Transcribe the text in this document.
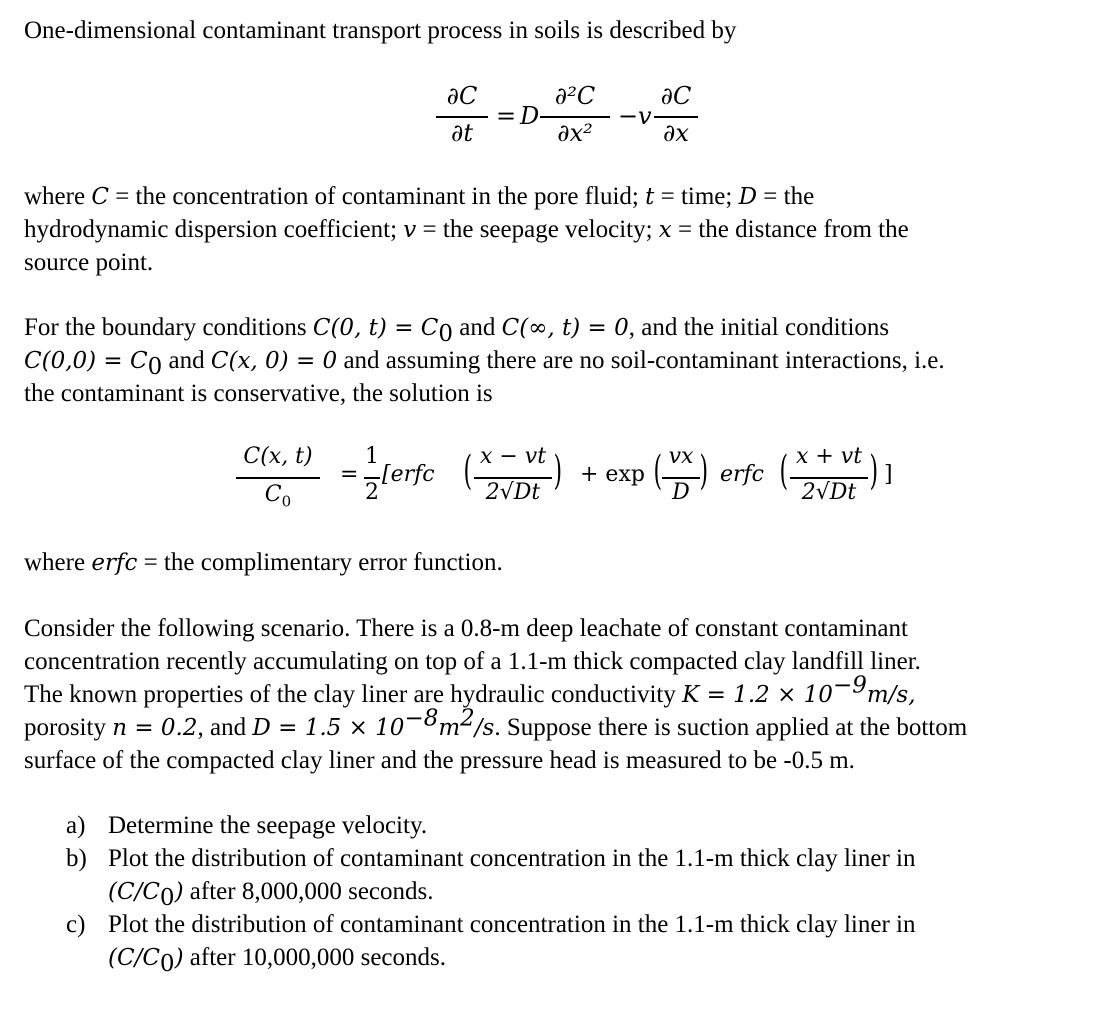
One-dimensional contaminant transport process in soils is described by
∂C
∂t
= D
∂²C
∂x²
− v
∂C
∂x
where C = the concentration of contaminant in the pore fluid; t = time; D = the
hydrodynamic dispersion coefficient; v = the seepage velocity; x = the distance from the
source point.
For the boundary conditions C(0, $t) = C_0$ and C(∞, t) = 0, and the initial conditions
$C(0,0) = C_0$ and C(x, 0) = 0 and assuming there are no soil-contaminant interactions, i.e.
the contaminant is conservative, the solution is
C(x, t)
$C_0$
=
1
2
[erfc ( x − vt
2√Dt ) + exp ( vx
D ) erfc ( x + vt
2√Dt ) ]
where erfc = the complimentary error function.
Consider the following scenario. There is a 0.8-m deep leachate of constant contaminant
concentration recently accumulating on top of a 1.1-m thick compacted clay landfill liner.
The known properties of the clay liner are hydraulic conductivity $K = 1.2 \times 10^{-9}m/s$,
porosity n = 0.2, and $D = 1.5 \times 10^{-8}m^2/s$. Suppose there is suction applied at the bottom
surface of the compacted clay liner and the pressure head is measured to be -0.5 m.
a) Determine the seepage velocity.
b) Plot the distribution of contaminant concentration in the 1.1-m thick clay liner in
$(C/C_0)$ after 8,000,000 seconds.
c) Plot the distribution of contaminant concentration in the 1.1-m thick clay liner in
$(C/C_0)$ after 10,000,000 seconds.
